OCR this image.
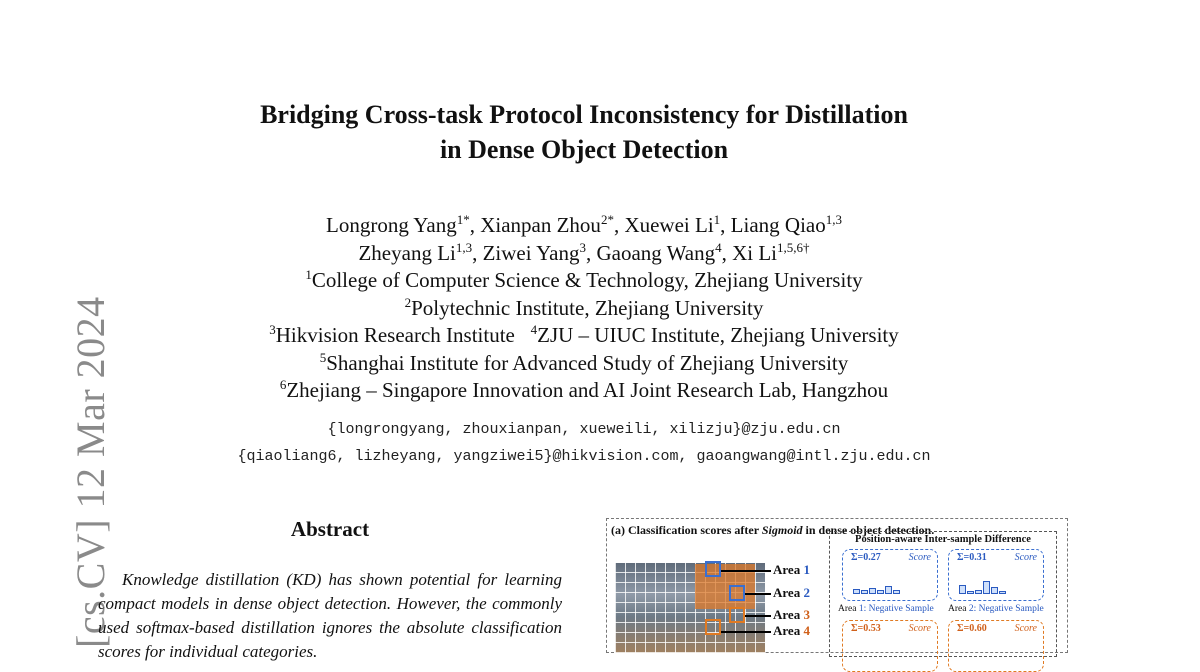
[cs.CV] 12 Mar 2024
Bridging Cross-task Protocol Inconsistency for Distillation
in Dense Object Detection
Longrong Yang$^{1*}$, Xianpan Zhou$^{2*}$, Xuewei Li$^1$, Liang Qiao$^{1,3}$
Zheyang Li$^{1,3}$, Ziwei Yang$^3$, Gaoang Wang$^4$, Xi $Li^{1,5,6\dagger}$
$^1$College of Computer Science & Technology, Zhejiang University
$^2$Polytechnic Institute, Zhejiang University
$^3$Hikvision Research Institute $^4$ZJU – UIUC Institute, Zhejiang University
$^5$Shanghai Institute for Advanced Study of Zhejiang University
$^6$Zhejiang – Singapore Innovation and AI Joint Research Lab, Hangzhou
{longrongyang, zhouxianpan, xueweili, xilizju}@zju.edu.cn
{qiaoliang6, lizheyang, yangziwei5}@hikvision.com, gaoangwang@intl.zju.edu.cn
Abstract
Knowledge distillation (KD) has shown potential for learning compact models in dense object detection. However, the commonly used softmax-based distillation ignores the absolute classification scores for individual categories.
(a) Classification scores after Sigmoid in dense object detection.
Area 1
Area 2
Area 3
Area 4
Position-aware Inter-sample Difference
Σ=0.27	Score	Σ=0.31	Score
Area 1: Negative Sample Area 2: Negative Sample
Σ=0.53	Score	Σ=0.60	Score
